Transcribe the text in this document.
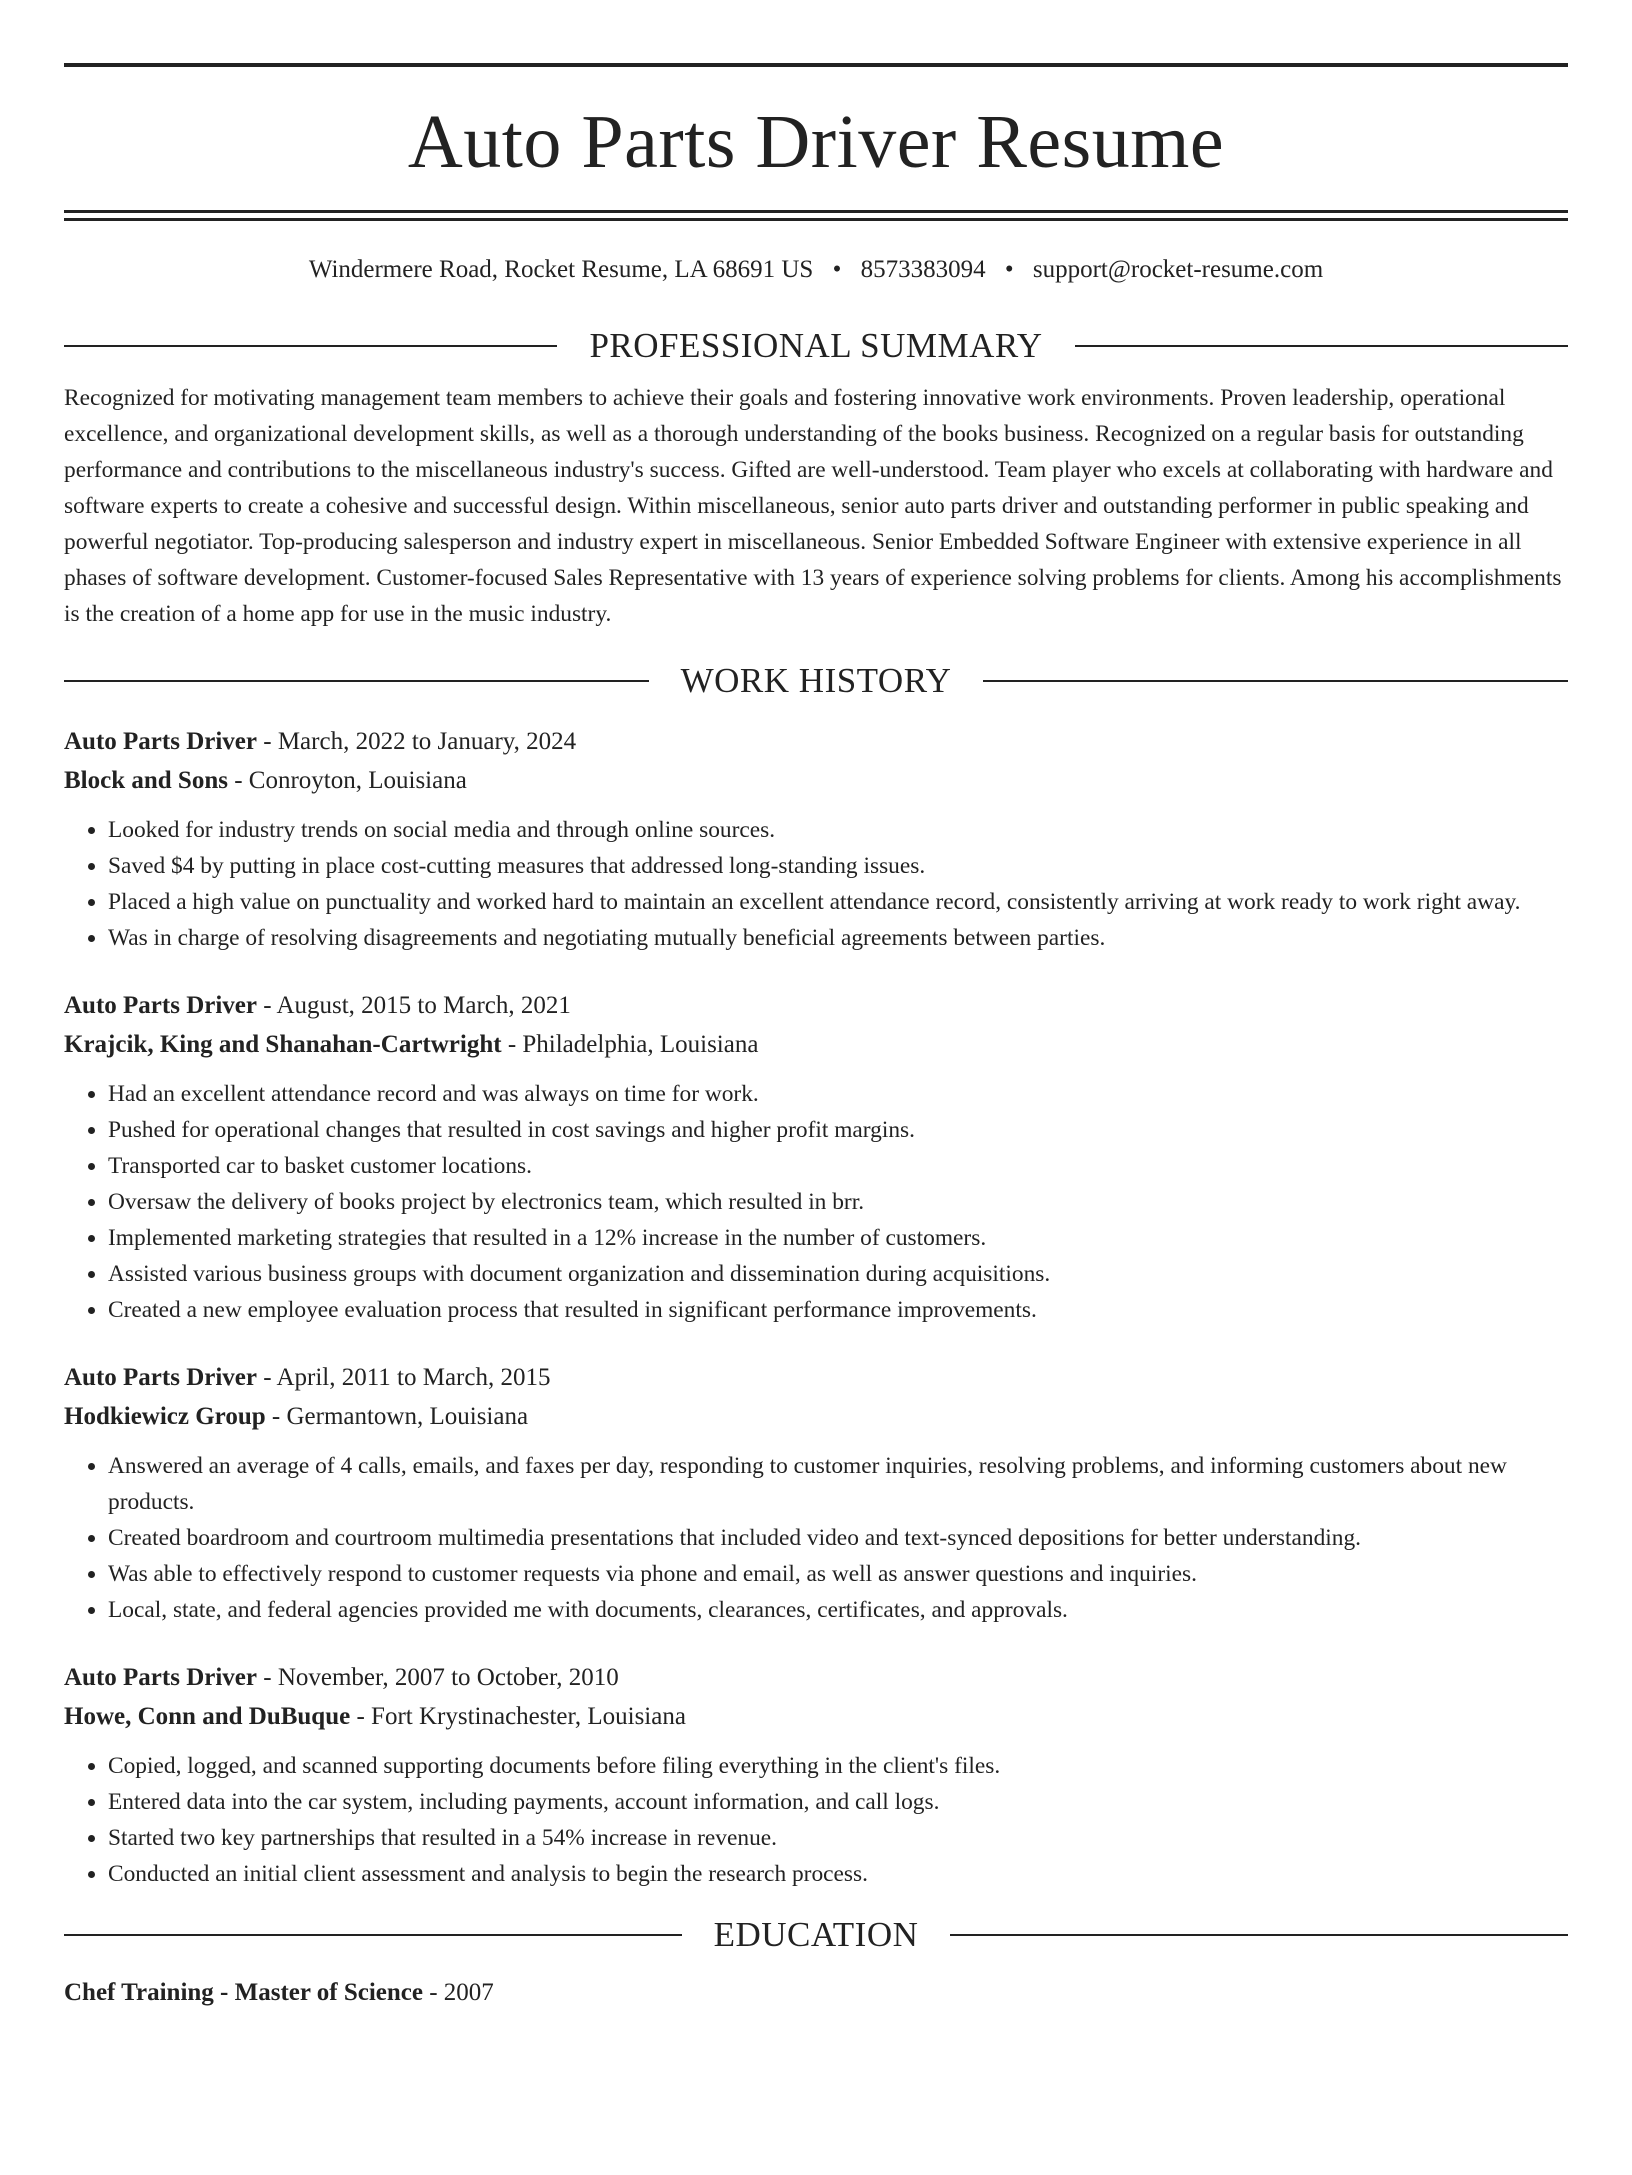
Auto Parts Driver Resume
Windermere Road, Rocket Resume, LA 68691 US • 8573383094 • support@rocket-resume.com
PROFESSIONAL SUMMARY

Recognized for motivating management team members to achieve their goals and fostering innovative work environments. Proven leadership, operational excellence, and organizational development skills, as well as a thorough understanding of the books business. Recognized on a regular basis for outstanding performance and contributions to the miscellaneous industry's success. Gifted are well-understood. Team player who excels at collaborating with hardware and software experts to create a cohesive and successful design. Within miscellaneous, senior auto parts driver and outstanding performer in public speaking and powerful negotiator. Top-producing salesperson and industry expert in miscellaneous. Senior Embedded Software Engineer with extensive experience in all phases of software development. Customer-focused Sales Representative with 13 years of experience solving problems for clients. Among his accomplishments is the creation of a home app for use in the music industry.

WORK HISTORY
Auto Parts Driver - March, 2022 to January, 2024
Block and Sons - Conroyton, Louisiana
• Looked for industry trends on social media and through online sources.
• Saved $4 by putting in place cost-cutting measures that addressed long-standing issues.
• Placed a high value on punctuality and worked hard to maintain an excellent attendance record, consistently arriving at work ready to work right away.
• Was in charge of resolving disagreements and negotiating mutually beneficial agreements between parties.
Auto Parts Driver - August, 2015 to March, 2021
Krajcik, King and Shanahan-Cartwright - Philadelphia, Louisiana
• Had an excellent attendance record and was always on time for work.
• Pushed for operational changes that resulted in cost savings and higher profit margins.
• Transported car to basket customer locations.
• Oversaw the delivery of books project by electronics team, which resulted in brr.
• Implemented marketing strategies that resulted in a 12% increase in the number of customers.
• Assisted various business groups with document organization and dissemination during acquisitions.
• Created a new employee evaluation process that resulted in significant performance improvements.
Auto Parts Driver - April, 2011 to March, 2015
Hodkiewicz Group - Germantown, Louisiana
• Answered an average of 4 calls, emails, and faxes per day, responding to customer inquiries, resolving problems, and informing customers about new products.
• Created boardroom and courtroom multimedia presentations that included video and text-synced depositions for better understanding.
• Was able to effectively respond to customer requests via phone and email, as well as answer questions and inquiries.
• Local, state, and federal agencies provided me with documents, clearances, certificates, and approvals.
Auto Parts Driver - November, 2007 to October, 2010
Howe, Conn and DuBuque - Fort Krystinachester, Louisiana
• Copied, logged, and scanned supporting documents before filing everything in the client's files.
• Entered data into the car system, including payments, account information, and call logs.
• Started two key partnerships that resulted in a 54% increase in revenue.
• Conducted an initial client assessment and analysis to begin the research process.
EDUCATION
Chef Training - Master of Science - 2007
